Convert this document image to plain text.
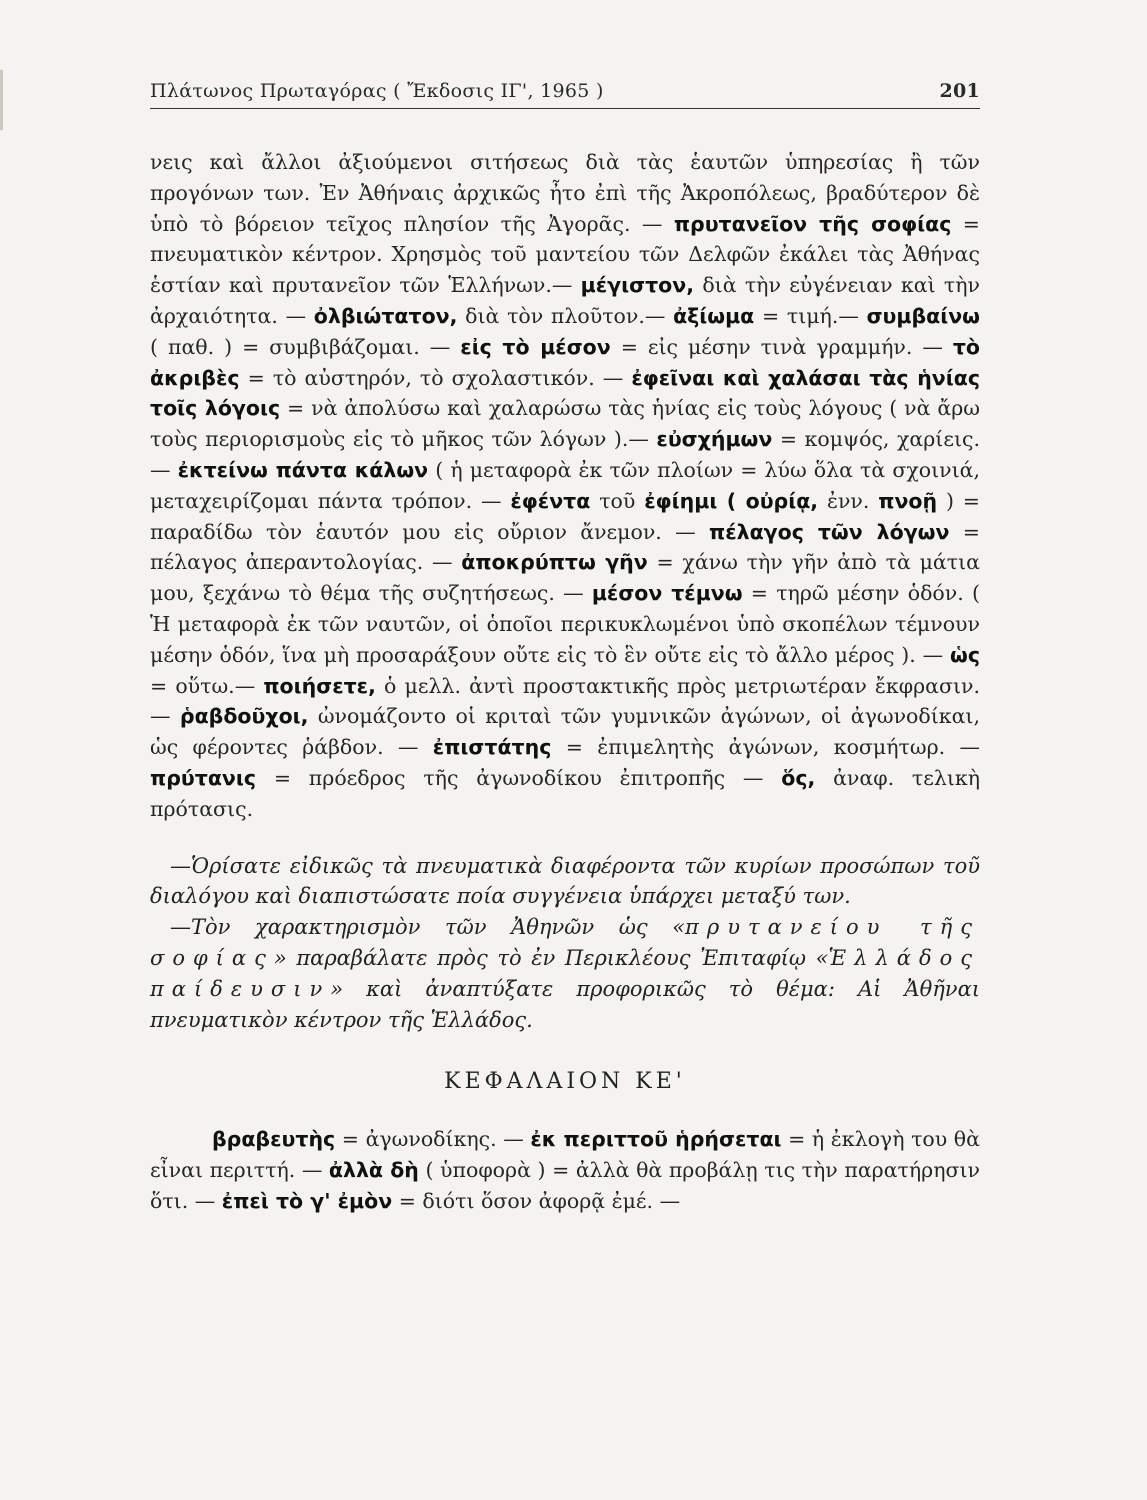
Πλάτωνος Πρωταγόρας ( Ἔκδοσις ΙΓ', 1965 )	201
νεις καὶ ἄλλοι ἀξιούμενοι σιτήσεως διὰ τὰς ἑαυτῶν ὑπηρεσίας ἢ τῶν προγόνων των. Ἐν Ἀθήναις ἀρχικῶς ἦτο ἐπὶ τῆς Ἀκροπόλεως, βραδύτερον δὲ ὑπὸ τὸ βόρειον τεῖχος πλησίον τῆς Ἀγορᾶς. — πρυτανεῖον τῆς σοφίας = πνευματικὸν κέντρον. Χρησμὸς τοῦ μαντείου τῶν Δελφῶν ἐκάλει τὰς Ἀθήνας ἑστίαν καὶ πρυτανεῖον τῶν Ἑλλήνων.— μέγιστον, διὰ τὴν εὐγένειαν καὶ τὴν ἀρχαιότητα. — ὀλβιώτατον, διὰ τὸν πλοῦτον.— ἀξίωμα = τιμή.— συμβαίνω ( παθ. ) = συμβιβάζομαι. — εἰς τὸ μέσον = εἰς μέσην τινὰ γραμμήν. — τὸ ἀκριβὲς = τὸ αὐστηρόν, τὸ σχολαστικόν. — ἐφεῖναι καὶ χαλάσαι τὰς ἡνίας τοῖς λόγοις = νὰ ἀπολύσω καὶ χαλαρώσω τὰς ἡνίας εἰς τοὺς λόγους ( νὰ ἄρω τοὺς περιορισμοὺς εἰς τὸ μῆκος τῶν λόγων ).— εὐσχήμων = κομψός, χαρίεις.— ἐκτείνω πάντα κάλων ( ἡ μεταφορὰ ἐκ τῶν πλοίων = λύω ὅλα τὰ σχοινιά, μεταχειρίζομαι πάντα τρόπον. — ἐφέντα τοῦ ἐφίημι ( οὐρίᾳ, ἐνν. πνοῇ ) = παραδίδω τὸν ἑαυτόν μου εἰς οὔριον ἄνεμον. — πέλαγος τῶν λόγων = πέλαγος ἀπεραντολογίας. — ἀποκρύπτω γῆν = χάνω τὴν γῆν ἀπὸ τὰ μάτια μου, ξεχάνω τὸ θέμα τῆς συζητήσεως. — μέσον τέμνω = τηρῶ μέσην ὁδόν. ( Ἡ μεταφορὰ ἐκ τῶν ναυτῶν, οἱ ὁποῖοι περικυκλωμένοι ὑπὸ σκοπέλων τέμνουν μέσην ὁδόν, ἵνα μὴ προσαράξουν οὔτε εἰς τὸ ἓν οὔτε εἰς τὸ ἄλλο μέρος ). — ὡς = οὕτω.— ποιήσετε, ὁ μελλ. ἀντὶ προστακτικῆς πρὸς μετριωτέραν ἔκφρασιν. — ῥαβδοῦχοι, ὠνομάζοντο οἱ κριταὶ τῶν γυμνικῶν ἀγώνων, οἱ ἀγωνοδίκαι, ὡς φέροντες ῥάβδον. — ἐπιστάτης = ἐπιμελητὴς ἀγώνων, κοσμήτωρ. — πρύτανις = πρόεδρος τῆς ἀγωνοδίκου ἐπιτροπῆς — ὅς, ἀναφ. τελικὴ πρότασις.

—Ὁρίσατε εἰδικῶς τὰ πνευματικὰ διαφέροντα τῶν κυρίων προσώπων τοῦ διαλόγου καὶ διαπιστώσατε ποία συγγένεια ὑπάρχει μεταξύ των.

—Τὸν χαρακτηρισμὸν τῶν Ἀθηνῶν ὡς «πρυτανείου τῆς σοφίας» παραβάλατε πρὸς τὸ ἐν Περικλέους Ἐπιταφίῳ «Ἑλλάδος παίδευσιν» καὶ ἀναπτύξατε προφορικῶς τὸ θέμα: Αἱ Ἀθῆναι πνευματικὸν κέντρον τῆς Ἑλλάδος.

ΚΕΦΑΛΑΙΟΝ ΚΕ'
βραβευτὴς = ἀγωνοδίκης. — ἐκ περιττοῦ ἡρήσεται = ἡ ἐκλογὴ του θὰ εἶναι περιττή. — ἀλλὰ δὴ ( ὑποφορὰ ) = ἀλλὰ θὰ προβάλῃ τις τὴν παρατήρησιν ὅτι. — ἐπεὶ τὸ γ' ἐμὸν = διότι ὅσον ἀφορᾷ ἐμέ. —
